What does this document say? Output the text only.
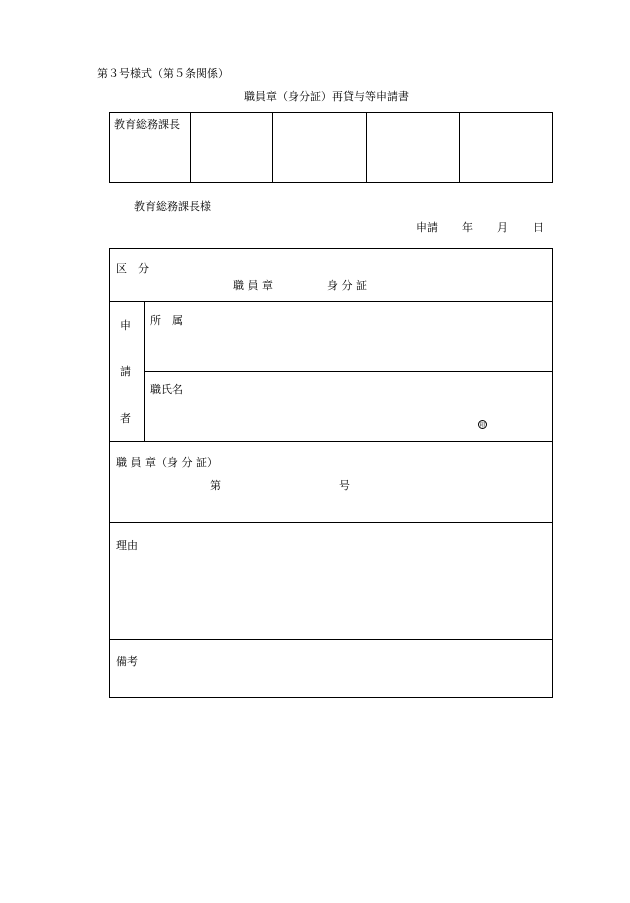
第３号様式（第５条関係）
職員章（身分証）再貸与等申請書
教育総務課長
教育総務課長様
申請 年 月 日
区　分
職 員 章	身 分 証
申
請
者
所　属
職氏名
印
職 員 章（身 分 証）
第	号
理由
備考
